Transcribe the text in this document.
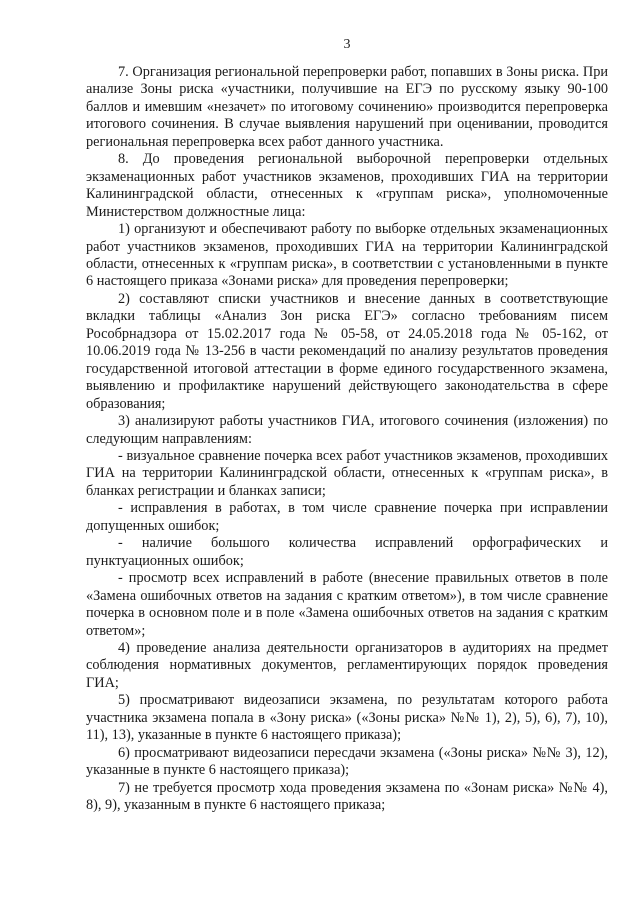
3

7. Организация региональной перепроверки работ, попавших в Зоны риска. При анализе Зоны риска «участники, получившие на ЕГЭ по русскому языку 90-100 баллов и имевшим «незачет» по итоговому сочинению» производится перепроверка итогового сочинения. В случае выявления нарушений при оценивании, проводится региональная перепроверка всех работ данного участника.

8. До проведения региональной выборочной перепроверки отдельных экзаменационных работ участников экзаменов, проходивших ГИА на территории Калининградской области, отнесенных к «группам риска», уполномоченные Министерством должностные лица:

1) организуют и обеспечивают работу по выборке отдельных экзаменационных работ участников экзаменов, проходивших ГИА на территории Калининградской области, отнесенных к «группам риска», в соответствии с установленными в пункте 6 настоящего приказа «Зонами риска» для проведения перепроверки;

2) составляют списки участников и внесение данных в соответствующие вкладки таблицы «Анализ Зон риска ЕГЭ» согласно требованиям писем Рособрнадзора от 15.02.2017 года № 05-58, от 24.05.2018 года № 05-162, от 10.06.2019 года № 13-256 в части рекомендаций по анализу результатов проведения государственной итоговой аттестации в форме единого государственного экзамена, выявлению и профилактике нарушений действующего законодательства в сфере образования;

3) анализируют работы участников ГИА, итогового сочинения (изложения) по следующим направлениям:

- визуальное сравнение почерка всех работ участников экзаменов, проходивших ГИА на территории Калининградской области, отнесенных к «группам риска», в бланках регистрации и бланках записи;

- исправления в работах, в том числе сравнение почерка при исправлении допущенных ошибок;

- наличие большого количества исправлений орфографических и пунктуационных ошибок;

- просмотр всех исправлений в работе (внесение правильных ответов в поле «Замена ошибочных ответов на задания с кратким ответом»), в том числе сравнение почерка в основном поле и в поле «Замена ошибочных ответов на задания с кратким ответом»;

4) проведение анализа деятельности организаторов в аудиториях на предмет соблюдения нормативных документов, регламентирующих порядок проведения ГИА;

5) просматривают видеозаписи экзамена, по результатам которого работа участника экзамена попала в «Зону риска» («Зоны риска» №№ 1), 2), 5), 6), 7), 10), 11), 13), указанные в пункте 6 настоящего приказа);

6) просматривают видеозаписи пересдачи экзамена («Зоны риска» №№ 3), 12), указанные в пункте 6 настоящего приказа);

7) не требуется просмотр хода проведения экзамена по «Зонам риска» №№ 4), 8), 9), указанным в пункте 6 настоящего приказа;
